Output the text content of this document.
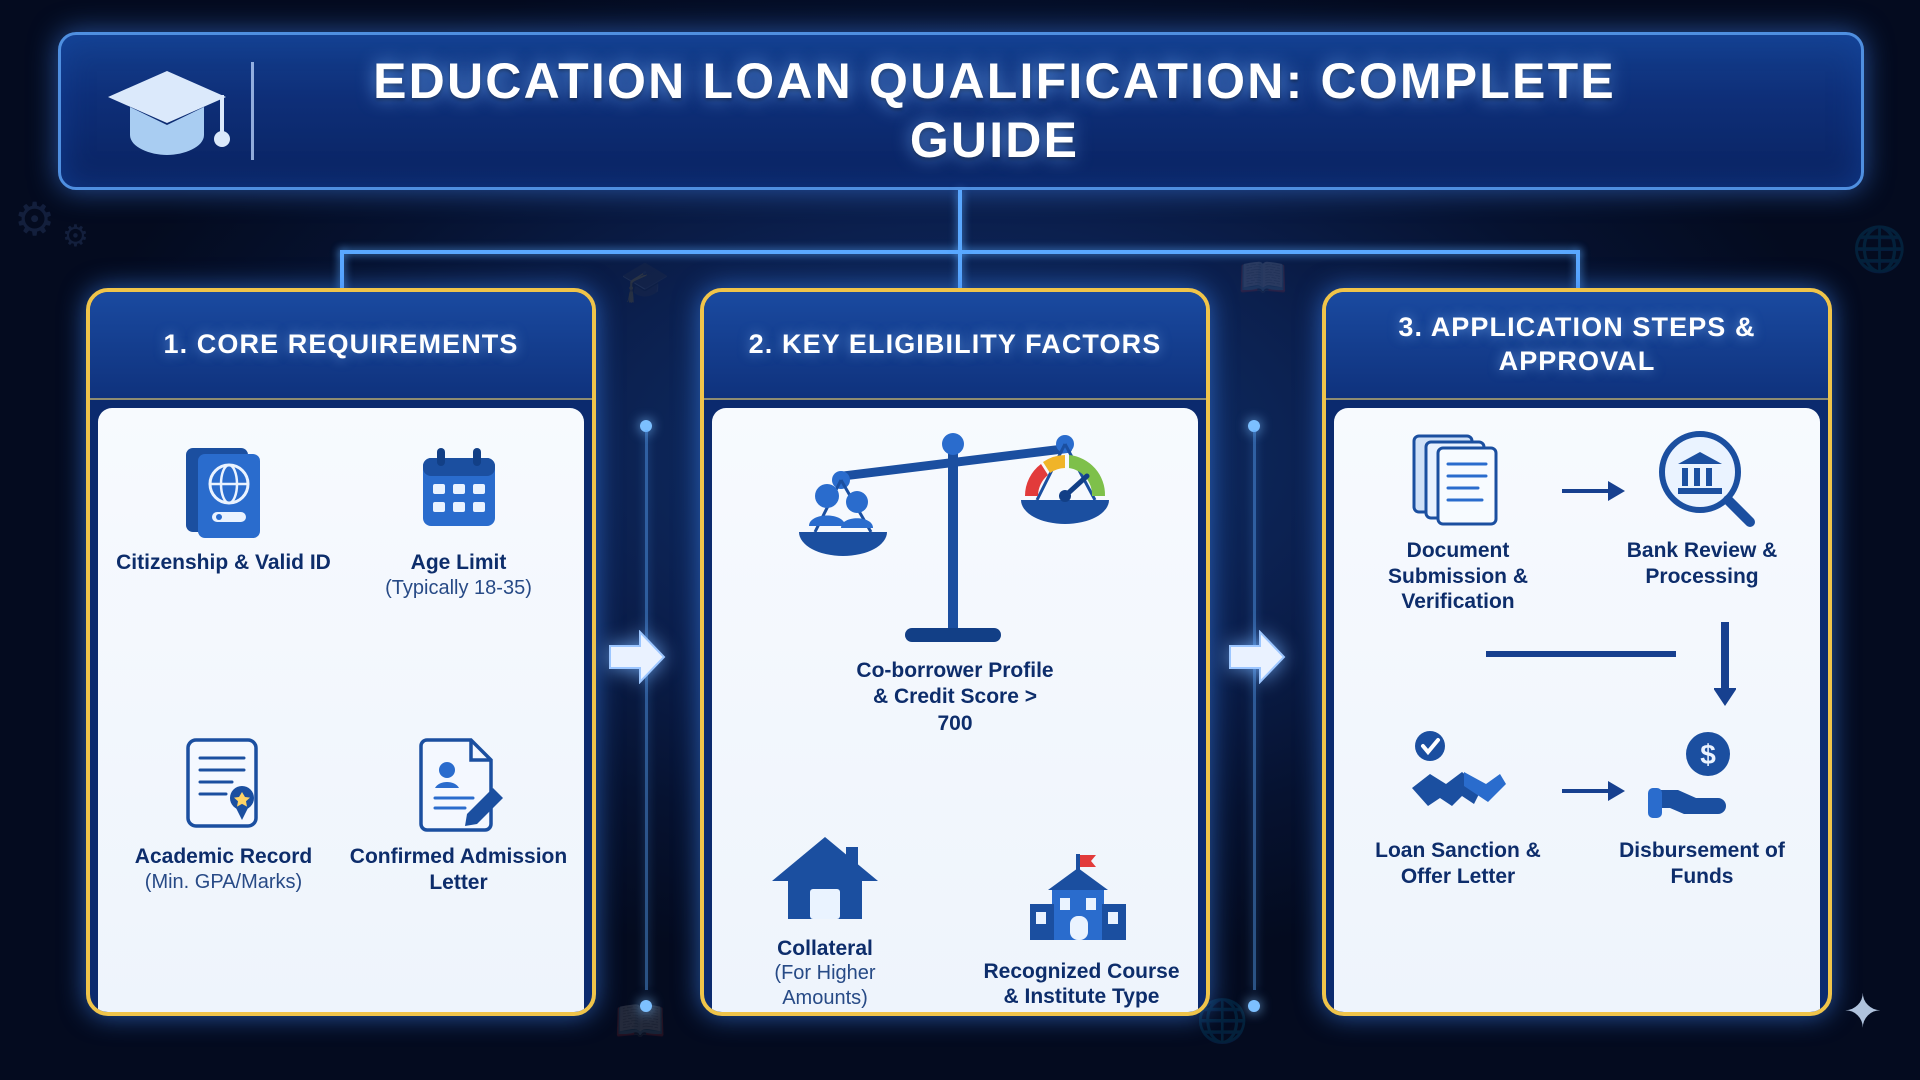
⚙ ⚙	🌐
📖
🎓
📖	🌐
EDUCATION LOAN QUALIFICATION: COMPLETE GUIDE
1. CORE REQUIREMENTS
Citizenship & Valid ID	Age Limit
(Typically 18-35)
Academic Record
(Min. GPA/Marks)
Confirmed Admission Letter
2. KEY ELIGIBILITY FACTORS
Co-borrower Profile & Credit Score > 700
Collateral
(For Higher Amounts)
Recognized Course & Institute Type
3. APPLICATION STEPS & APPROVAL
Document Submission & Verification
Bank Review & Processing
Loan Sanction & Offer Letter
$
Disbursement of Funds
✦
